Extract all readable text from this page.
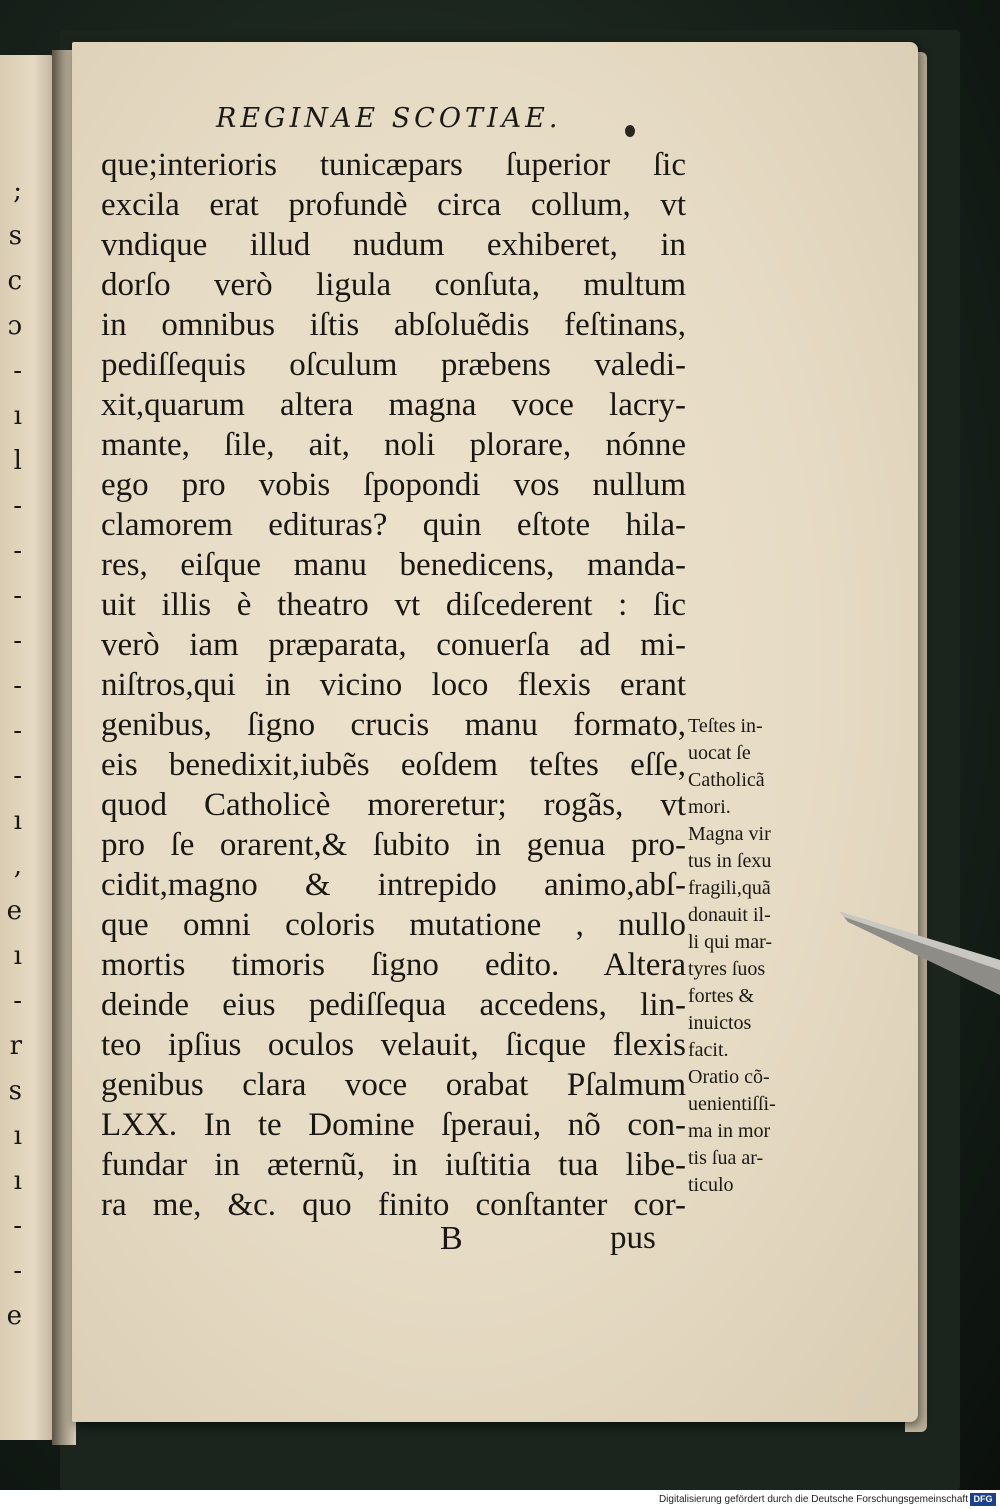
;
s
c
ɔ
-
ı
l
-
-
-
-
-
-
-
ı
,
e
ı
-
r
s
ı
ı
-
-
e
REGINAE SCOTIAE.
que;interioris tunicæpars ſuperior ſic
excila erat profundè circa collum, vt
vndique illud nudum exhiberet, in
dorſo verò ligula conſuta, multum
in omnibus iſtis abſoluẽdis feſtinans,
pediſſequis oſculum præbens valedi-
xit,quarum altera magna voce lacry-
mante, ſile, ait, noli plorare, nónne
ego pro vobis ſpopondi vos nullum
clamorem edituras? quin eſtote hila-
res, eiſque manu benedicens, manda-
uit illis è theatro vt diſcederent : ſic
verò iam præparata, conuerſa ad mi-
niſtros,qui in vicino loco flexis erant
genibus, ſigno crucis manu formato,
eis benedixit,iubẽs eoſdem teſtes eſſe,
quod Catholicè moreretur; rogãs, vt
pro ſe orarent,& ſubito in genua pro-
cidit,magno & intrepido animo,abſ-
que omni coloris mutatione , nullo
mortis timoris ſigno edito. Altera
deinde eius pediſſequa accedens, lin-
teo ipſius oculos velauit, ſicque flexis
genibus clara voce orabat Pſalmum
LXX. In te Domine ſperaui, nõ con-
fundar in æternũ, in iuſtitia tua libe-
ra me, &c. quo finito conſtanter cor-
Teſtes in-
uocat ſe
Catholicã
mori.
Magna vir
tus in ſexu
fragili,quã
donauit il-
li qui mar-
tyres ſuos
fortes &
inuictos
facit.
Oratio cõ-
uenientiſſi-
ma in mor
tis ſua ar-
ticulo
B	pus
Digitalisierung gefördert durch die Deutsche Forschungsgemeinschaft DFG
